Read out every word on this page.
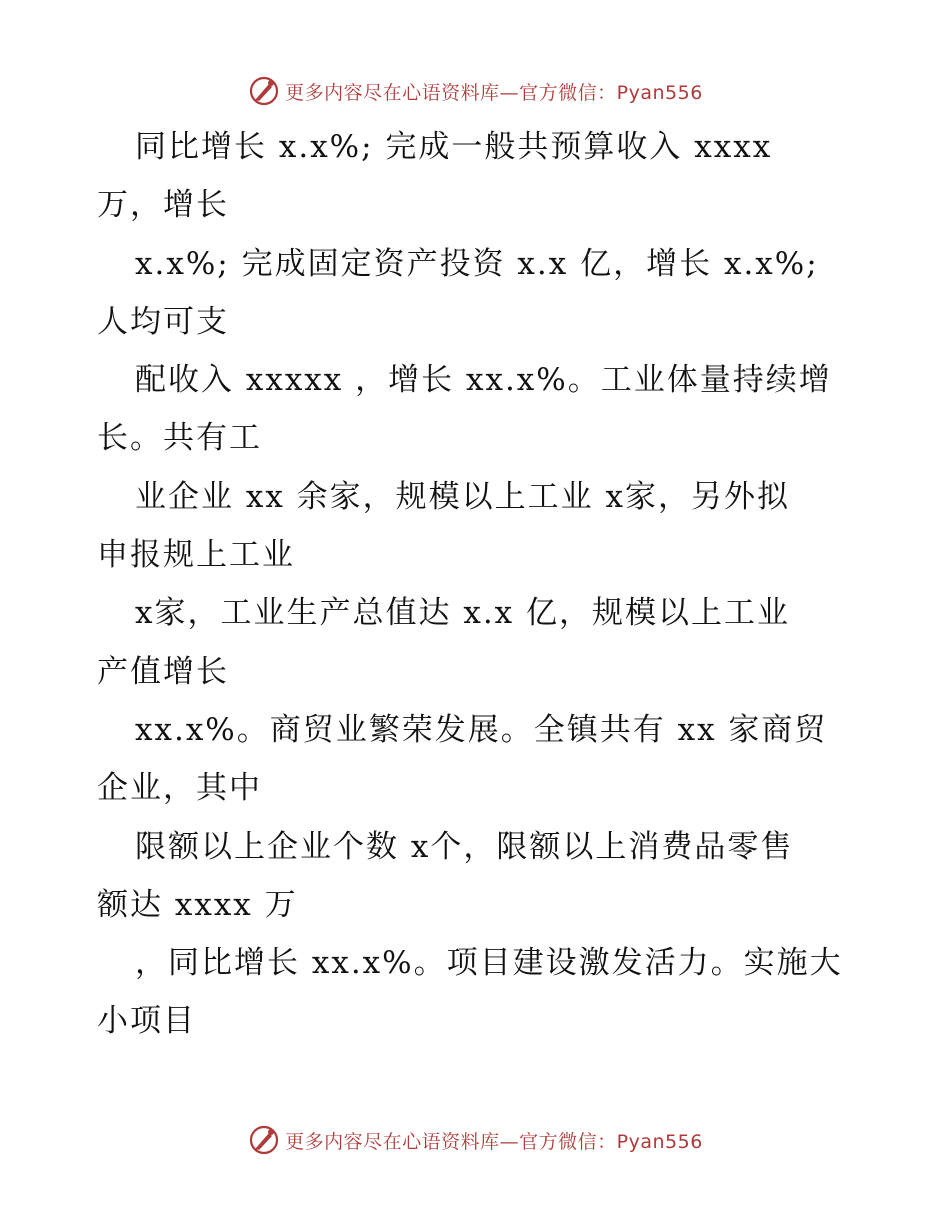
更多内容尽在心语资料库—官方微信：Pyan556
同比增长 x.x%; 完成一般共预算收入 xxxx
万，增长
x.x%; 完成固定资产投资 x.x 亿，增长 x.x%;
人均可支
配收入 xxxxx ，增长 xx.x%。工业体量持续增
长。共有工
业企业 xx 余家，规模以上工业 x家，另外拟
申报规上工业
x家，工业生产总值达 x.x 亿，规模以上工业
产值增长
xx.x%。商贸业繁荣发展。全镇共有 xx 家商贸
企业，其中
限额以上企业个数 x个，限额以上消费品零售
额达 xxxx 万
，同比增长 xx.x%。项目建设激发活力。实施大
小项目
更多内容尽在心语资料库—官方微信：Pyan556
